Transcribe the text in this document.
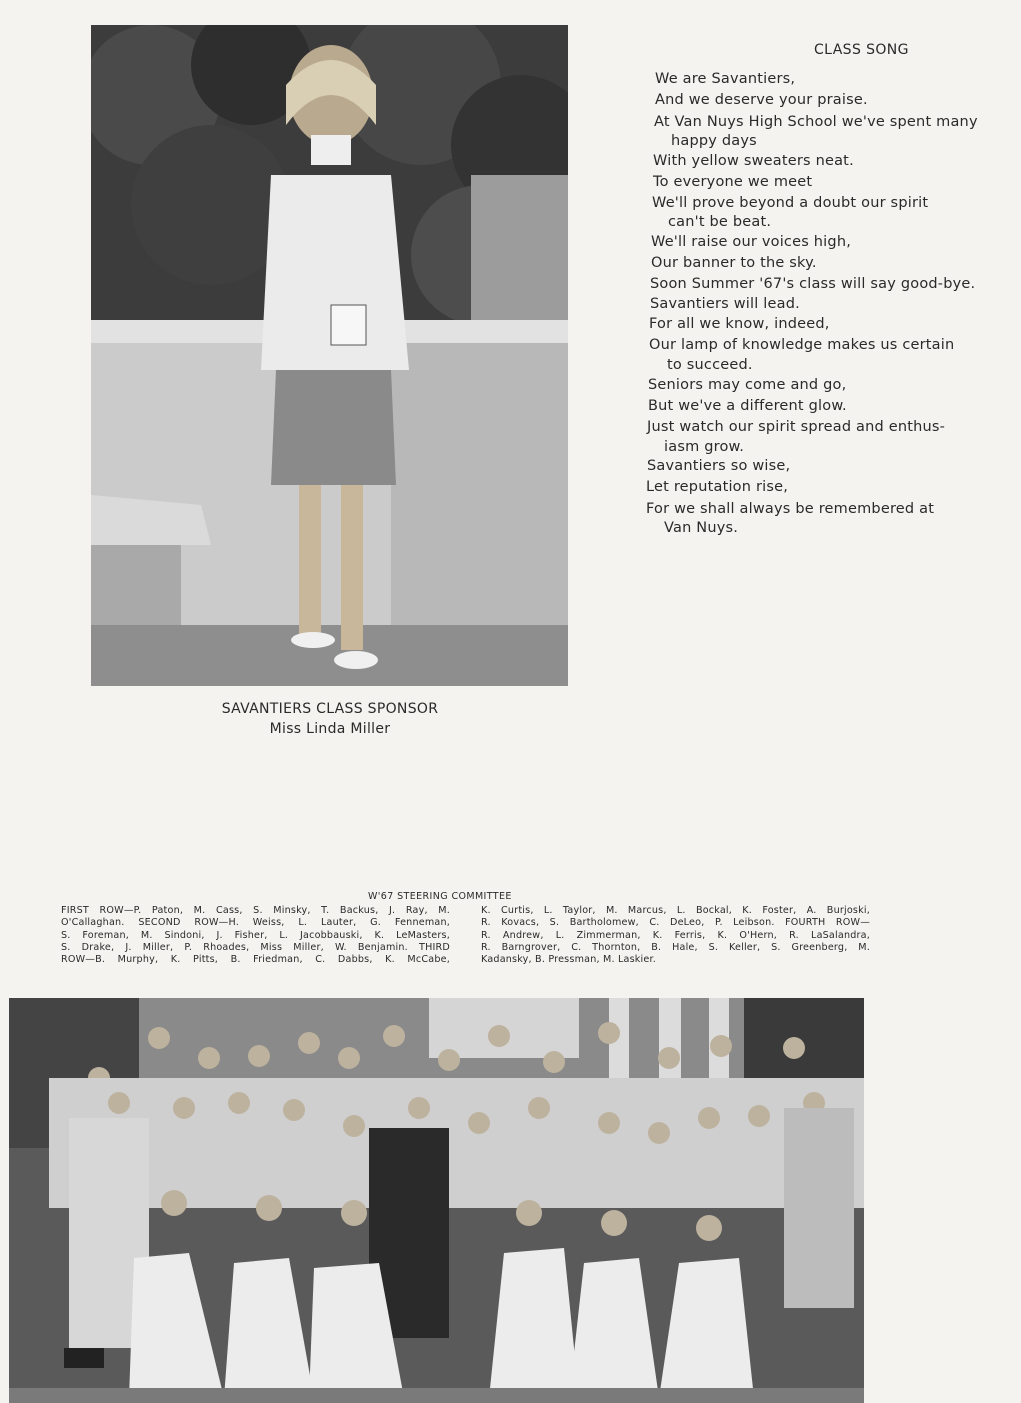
SAVANTIERS CLASS SPONSOR
Miss Linda Miller
CLASS SONG
We are Savantiers,
And we deserve your praise.
At Van Nuys High School we've spent many
happy days
With yellow sweaters neat.
To everyone we meet
We'll prove beyond a doubt our spirit
can't be beat.
We'll raise our voices high,
Our banner to the sky.
Soon Summer '67's class will say good-bye.
Savantiers will lead.
For all we know, indeed,
Our lamp of knowledge makes us certain
to succeed.
Seniors may come and go,
But we've a different glow.
Just watch our spirit spread and enthus-
iasm grow.
Savantiers so wise,
Let reputation rise,
For we shall always be remembered at
Van Nuys.
W'67 STEERING COMMITTEE
FIRST ROW—P. Paton, M. Cass, S. Minsky, T. Backus, J. Ray, M.
O'Callaghan. SECOND ROW—H. Weiss, L. Lauter, G. Fenneman,
S. Foreman, M. Sindoni, J. Fisher, L. Jacobbauski, K. LeMasters,
S. Drake, J. Miller, P. Rhoades, Miss Miller, W. Benjamin. THIRD
ROW—B. Murphy, K. Pitts, B. Friedman, C. Dabbs, K. McCabe,
K. Curtis, L. Taylor, M. Marcus, L. Bockal, K. Foster, A. Burjoski,
R. Kovacs, S. Bartholomew, C. DeLeo, P. Leibson. FOURTH ROW—
R. Andrew, L. Zimmerman, K. Ferris, K. O'Hern, R. LaSalandra,
R. Barngrover, C. Thornton, B. Hale, S. Keller, S. Greenberg, M.
Kadansky, B. Pressman, M. Laskier.
